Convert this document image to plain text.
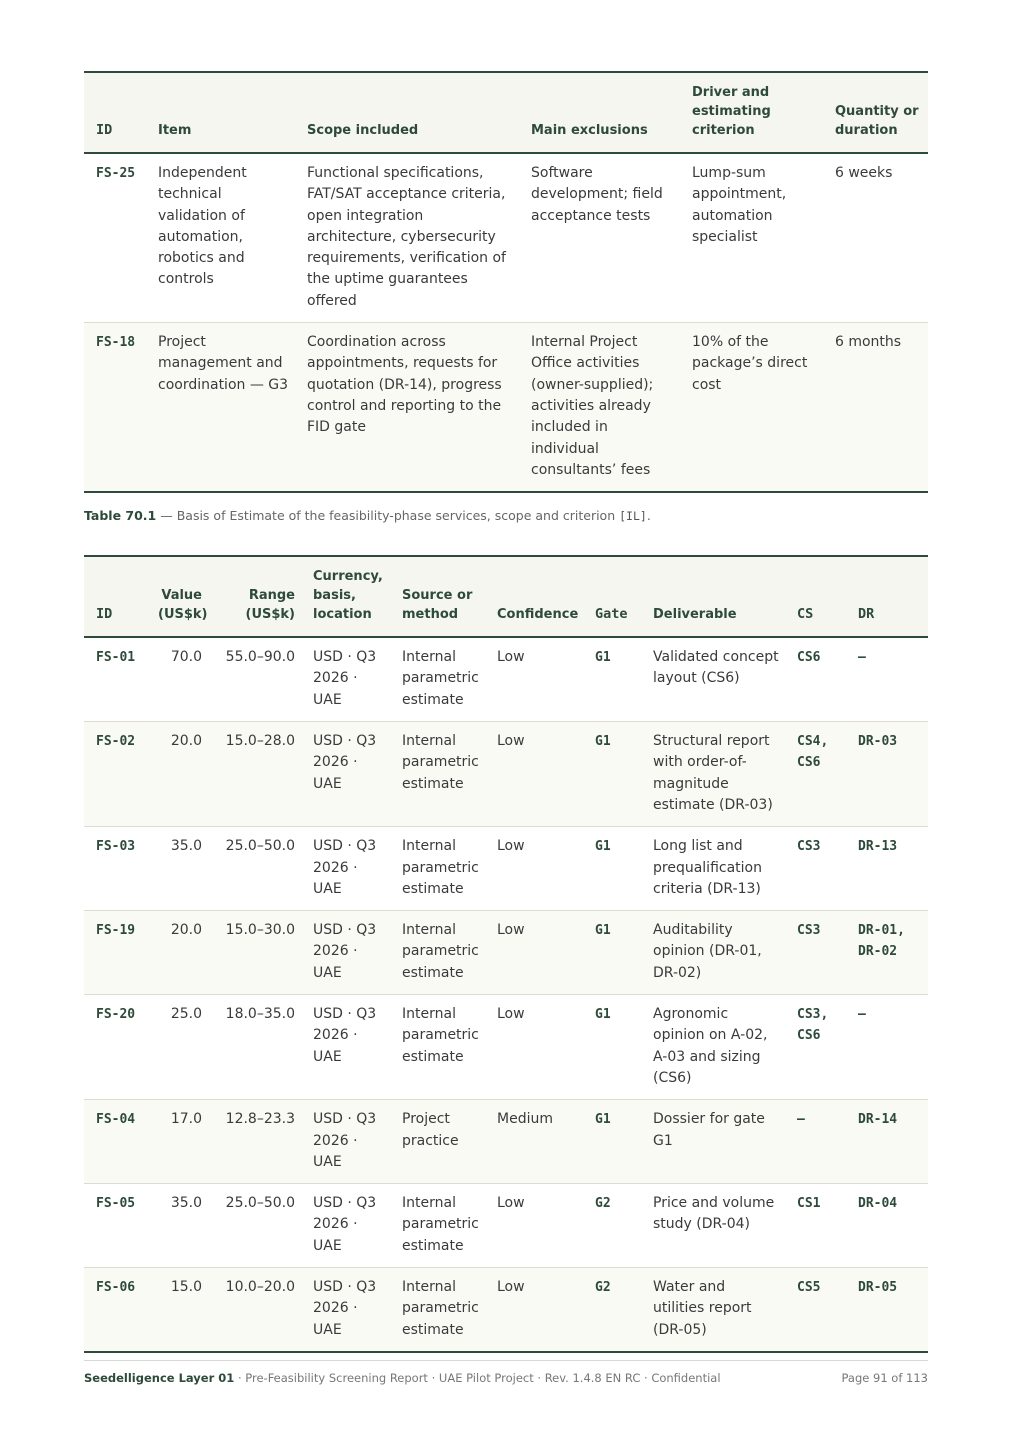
ID	Item	Scope included	Main exclusions	Driver and estimating criterion	Quantity or duration
FS-25	Independent technical validation of automation, robotics and controls	Functional specifications, FAT/SAT acceptance criteria, open integration architecture, cybersecurity requirements, verification of the uptime guarantees offered	Software development; field acceptance tests	Lump-sum appointment, automation specialist	6 weeks
FS-18	Project management and coordination — G3	Coordination across appointments, requests for quotation (DR-14), progress control and reporting to the FID gate	Internal Project Office activities (owner-supplied); activities already included in individual consultants’ fees	10% of the package’s direct cost	6 months

Table 70.1 — Basis of Estimate of the feasibility-phase services, scope and criterion [IL].

ID	Value (US$k)	Range (US$k)	Currency, basis, location	Source or method	Confidence	Gate	Deliverable	CS	DR
FS-01	70.0	55.0–90.0	USD · Q3 2026 · UAE	Internal parametric estimate	Low	G1	Validated concept layout (CS6)	CS6	—
FS-02	20.0	15.0–28.0	USD · Q3 2026 · UAE	Internal parametric estimate	Low	G1	Structural report with order-of-magnitude estimate (DR-03)	CS4, CS6	DR-03
FS-03	35.0	25.0–50.0	USD · Q3 2026 · UAE	Internal parametric estimate	Low	G1	Long list and prequalification criteria (DR-13)	CS3	DR-13
FS-19	20.0	15.0–30.0	USD · Q3 2026 · UAE	Internal parametric estimate	Low	G1	Auditability opinion (DR-01, DR-02)	CS3	DR-01, DR-02
FS-20	25.0	18.0–35.0	USD · Q3 2026 · UAE	Internal parametric estimate	Low	G1	Agronomic opinion on A-02, A-03 and sizing (CS6)	CS3, CS6	—
FS-04	17.0	12.8–23.3	USD · Q3 2026 · UAE	Project practice	Medium	G1	Dossier for gate G1	—	DR-14
FS-05	35.0	25.0–50.0	USD · Q3 2026 · UAE	Internal parametric estimate	Low	G2	Price and volume study (DR-04)	CS1	DR-04
FS-06	15.0	10.0–20.0	USD · Q3 2026 · UAE	Internal parametric estimate	Low	G2	Water and utilities report (DR-05)	CS5	DR-05
Seedelligence Layer 01 · Pre-Feasibility Screening Report · UAE Pilot Project · Rev. 1.4.8 EN RC · Confidential	Page 91 of 113
